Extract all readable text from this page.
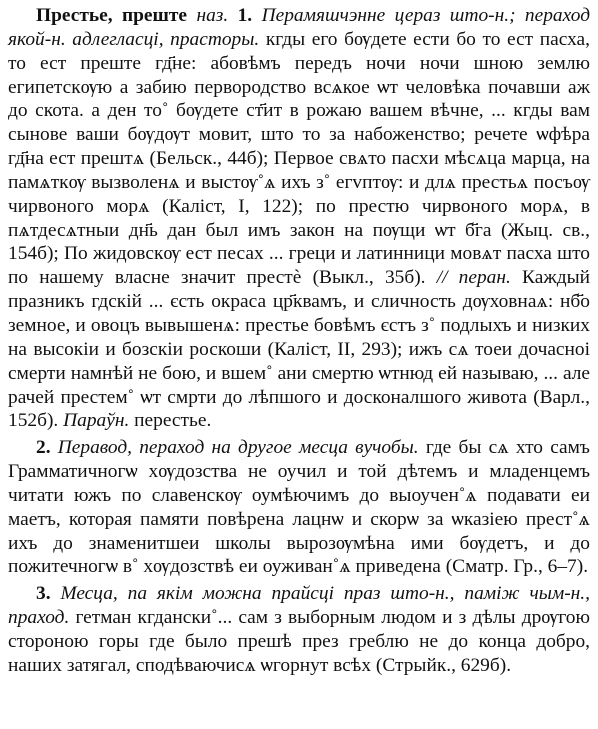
Престье, преште наз. 1. Перамяшчэнне цераз што-н.; пераход якой-н. адлегласці, прасторы. кгды его бѹдете ести бо то ест пасха, то ест преште гд҃не: абовѣмъ перeдъ ночи ночи шною землю египетскѹю а забию первородство всѧкое ѡт человѣка почавши аж до скота. а ден то˚ бѹдете ст҃ит в рожаю вашем вѣчне, ... кгды вам сынове ваши бѹдѹт мовит, што то за набоженство; речете ѡфѣра гд҃на ест прештѧ (Бельск., 44б); Первое свѧто пасхи мѣсѧца марца, на памѧткѹ вызволенѧ и выстѹ˚ѧ ихъ з˚ егvптѹ: и длѧ престьѧ посъѹ чирвоного морѧ (Каліст, І, 122); по престю чирвоного морѧ, в пѧтдесѧтныи дн҃ь дан был имъ закон на пѹщи ѡт б҃га (Жыц. св., 154б); По жидовскѹ ест песах ... греци и латинници мовѧт пасха што по нашему власне значит престѐ (Выкл., 35б). // перан. Каждый празникъ гдскій ... єсть окраса цр҃квамъ, и сличность дѹховнаѧ: нб҃о земное, и овоцъ вывышенѧ: престье бовѣмъ єстъ з˚ подлыхъ и низких на высокіи и бозскіи роскоши (Каліст, ІІ, 293); ижъ сѧ тоеи дочасноі смерти намнѣй не бою, и вшем˚ ани смертю ѡтнюд ей называю, ... але рачей престем˚ ѡт смрти до лѣпшого и досконалшого живота (Варл., 152б). Параўн. перестье.

2. Перавод, пераход на другое месца вучобы. где бы сѧ хто самъ Грамматичногѡ хѹдозства не оучил и той дѣтемъ и младенцемъ читати южъ по славенскѹ оумѣючимъ до выоучен˚ѧ подавати еи маетъ, которая памяти повѣрена лацнѡ и скорѡ за ѡказіею прест˚ѧ ихъ до знаменитшеи школы вырозѹмѣна ими бѹдетъ, и до пожитечногѡ в˚ хѹдозствѣ еи оуживан˚ѧ приведена (Сматр. Гр., 6–7).

3. Месца, па якім можна прайсці праз што-н., паміж чым-н., праход. гетман кгдански˚... сам з выборным людом и з дѣлы дрѹгою стороною горы где было прешѣ през греблю не до конца добро, наших затягал, сподѣваючисѧ ѡгорнут всѣх (Стрыйк., 629б).
